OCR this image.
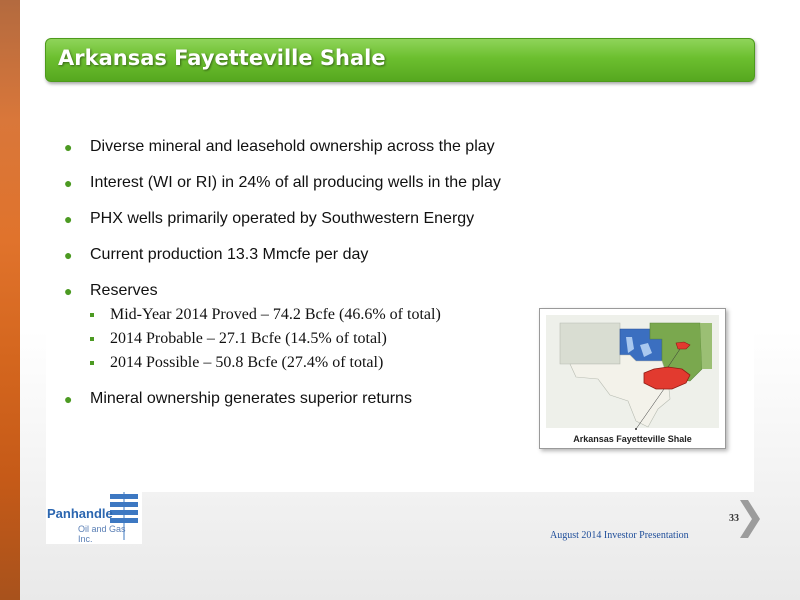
Arkansas Fayetteville Shale
● Diverse mineral and leasehold ownership across the play
● Interest (WI or RI) in 24% of all producing wells in the play
● PHX wells primarily operated by Southwestern Energy
● Current production 13.3 Mmcfe per day
● Reserves
Mid-Year 2014 Proved – 74.2 Bcfe (46.6% of total)
2014 Probable – 27.1 Bcfe (14.5% of total)
2014 Possible – 50.8 Bcfe (27.4% of total)
● Mineral ownership generates superior returns
Arkansas Fayetteville Shale
Panhandle
Oil and Gas Inc.
33
August 2014 Investor Presentation
